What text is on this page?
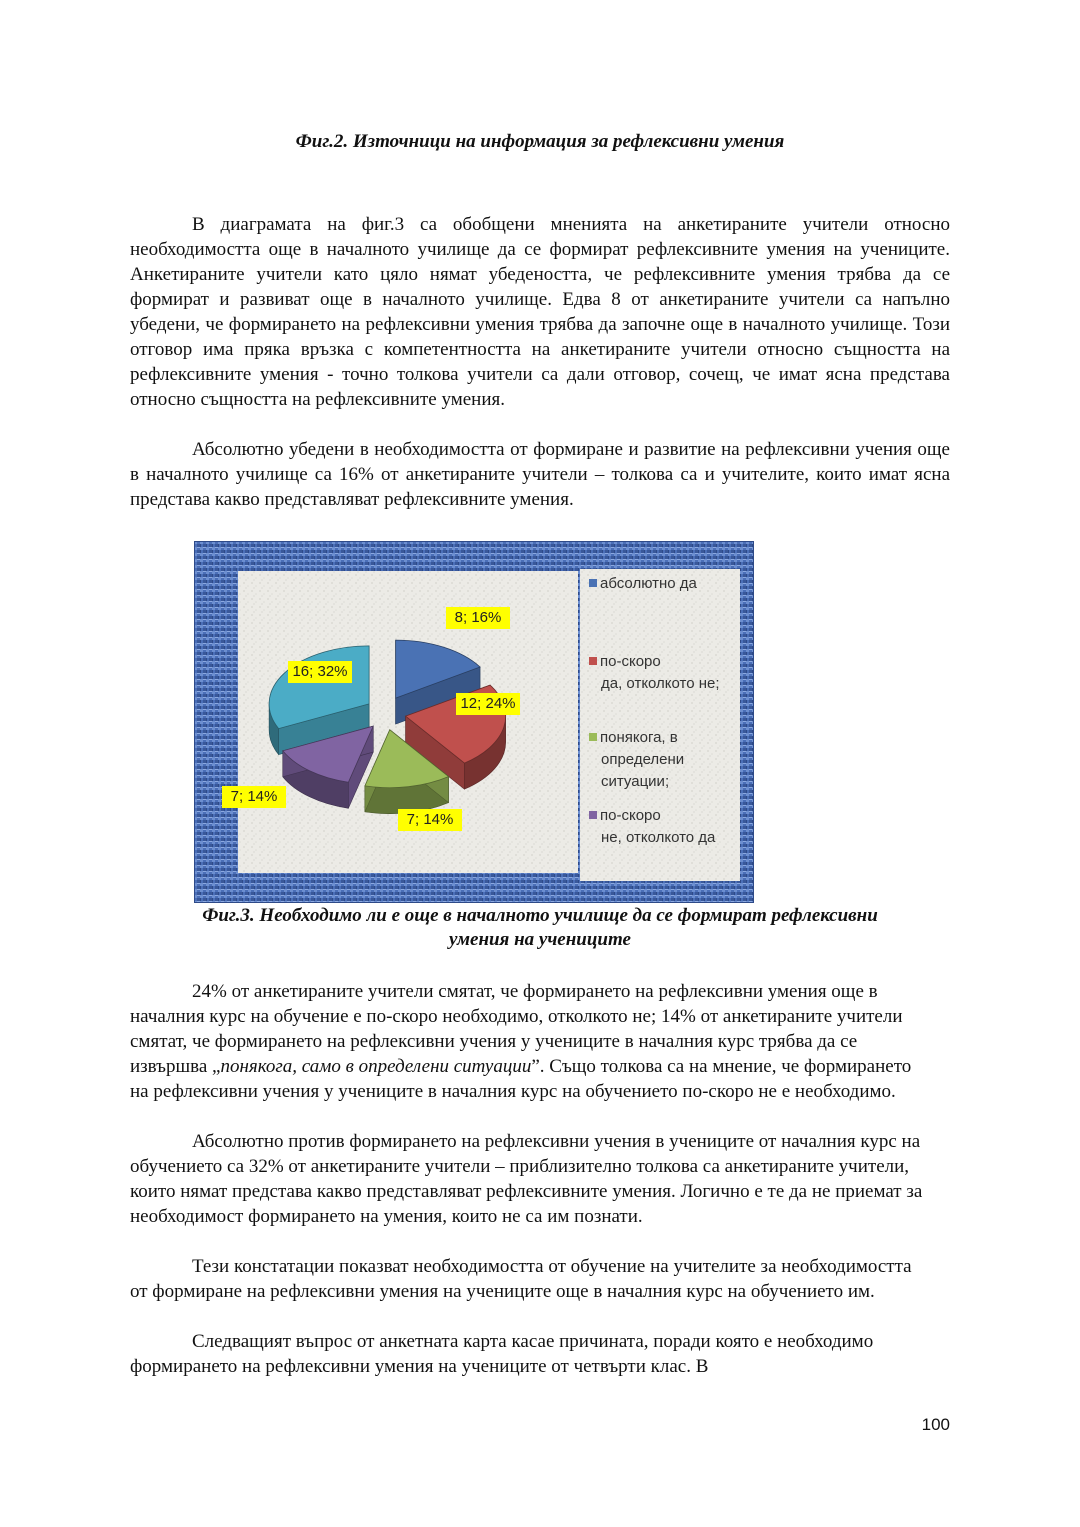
Фиг.2. Източници на информация за рефлексивни умения

В диаграмата на фиг.3 са обобщени мненията на анкетираните учители относно необходимостта още в началното училище да се формират рефлексивните умения на учениците. Анкетираните учители като цяло нямат убедеността, че рефлексивните умения трябва да се формират и развиват още в началното училище. Едва 8 от анкетираните учители са напълно убедени, че формирането на рефлексивни умения трябва да започне още в началното училище. Този отговор има пряка връзка с компетентността на анкетираните учители относно същността на рефлексивните умения - точно толкова учители са дали отговор, сочещ, че имат ясна представа относно същността на рефлексивните умения.

Абсолютно убедени в необходимостта от формиране и развитие на рефлексивни учения още в началното училище са 16% от анкетираните учители – толкова са и учителите, които имат ясна представа какво представляват рефлексивните умения.

8; 16%
12; 24%
7; 14%
7; 14%
16; 32%
абсолютно да
по-скоро
да, отколкото не;
понякога, в
определени
ситуации;
по-скоро
не, отколкото да
Фиг.3. Необходимо ли е още в началното училище да се формират рефлексивни
умения на учениците

24% от анкетираните учители смятат, че формирането на рефлексивни умения още в началния курс на обучение е по-скоро необходимо, отколкото не; 14% от анкетираните учители смятат, че формирането на рефлексивни учения у учениците в началния курс трябва да се извършва „понякога, само в определени ситуации”. Също толкова са на мнение, че формирането на рефлексивни учения у учениците в началния курс на обучението по-скоро не е необходимо.

Абсолютно против формирането на рефлексивни учения в учениците от началния курс на обучението са 32% от анкетираните учители – приблизително толкова са анкетираните учители, които нямат представа какво представляват рефлексивните умения. Логично е те да не приемат за необходимост формирането на умения, които не са им познати.

Тези констатации показват необходимостта от обучение на учителите за необходимостта от формиране на рефлексивни умения на учениците още в началния курс на обучението им.

Следващият въпрос от анкетната карта касае причината, поради която е необходимо формирането на рефлексивни умения на учениците от четвърти клас. В

100
